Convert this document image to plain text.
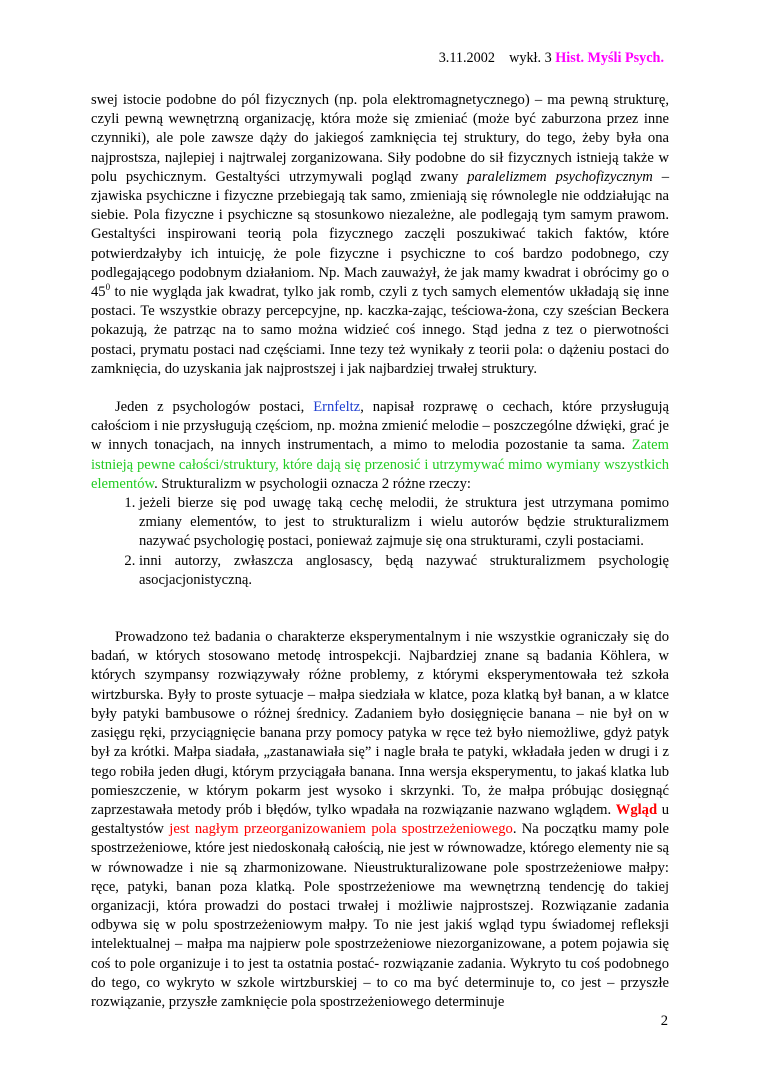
3.11.2002 wykł. 3 Hist. Myśli Psych.

swej istocie podobne do pól fizycznych (np. pola elektromagnetycznego) – ma pewną strukturę, czyli pewną wewnętrzną organizację, która może się zmieniać (może być zaburzona przez inne czynniki), ale pole zawsze dąży do jakiegoś zamknięcia tej struktury, do tego, żeby była ona najprostsza, najlepiej i najtrwalej zorganizowana. Siły podobne do sił fizycznych istnieją także w polu psychicznym. Gestaltyści utrzymywali pogląd zwany paralelizmem psychofizycznym – zjawiska psychiczne i fizyczne przebiegają tak samo, zmieniają się równolegle nie oddziałując na siebie. Pola fizyczne i psychiczne są stosunkowo niezależne, ale podlegają tym samym prawom. Gestaltyści inspirowani teorią pola fizycznego zaczęli poszukiwać takich faktów, które potwierdzałyby ich intuicję, że pole fizyczne i psychiczne to coś bardzo podobnego, czy podlegającego podobnym działaniom. Np. Mach zauważył, że jak mamy kwadrat i obrócimy go o $45^0$ to nie wygląda jak kwadrat, tylko jak romb, czyli z tych samych elementów układają się inne postaci. Te wszystkie obrazy percepcyjne, np. kaczka-zając, teściowa-żona, czy sześcian Beckera pokazują, że patrząc na to samo można widzieć coś innego. Stąd jedna z tez o pierwotności postaci, prymatu postaci nad częściami. Inne tezy też wynikały z teorii pola: o dążeniu postaci do zamknięcia, do uzyskania jak najprostszej i jak najbardziej trwałej struktury.

Jeden z psychologów postaci, Ernfeltz, napisał rozprawę o cechach, które przysługują całościom i nie przysługują częściom, np. można zmienić melodie – poszczególne dźwięki, grać je w innych tonacjach, na innych instrumentach, a mimo to melodia pozostanie ta sama. Zatem istnieją pewne całości/struktury, które dają się przenosić i utrzymywać mimo wymiany wszystkich elementów. Strukturalizm w psychologii oznacza 2 różne rzeczy:

1. jeżeli bierze się pod uwagę taką cechę melodii, że struktura jest utrzymana pomimo zmiany elementów, to jest to strukturalizm i wielu autorów będzie strukturalizmem nazywać psychologię postaci, ponieważ zajmuje się ona strukturami, czyli postaciami.
2. inni autorzy, zwłaszcza anglosascy, będą nazywać strukturalizmem psychologię asocjacjonistyczną.

Prowadzono też badania o charakterze eksperymentalnym i nie wszystkie ograniczały się do badań, w których stosowano metodę introspekcji. Najbardziej znane są badania Köhlera, w których szympansy rozwiązywały różne problemy, z którymi eksperymentowała też szkoła wirtzburska. Były to proste sytuacje – małpa siedziała w klatce, poza klatką był banan, a w klatce były patyki bambusowe o różnej średnicy. Zadaniem było dosięgnięcie banana – nie był on w zasięgu ręki, przyciągnięcie banana przy pomocy patyka w ręce też było niemożliwe, gdyż patyk był za krótki. Małpa siadała, „zastanawiała się” i nagle brała te patyki, wkładała jeden w drugi i z tego robiła jeden długi, którym przyciągała banana. Inna wersja eksperymentu, to jakaś klatka lub pomieszczenie, w którym pokarm jest wysoko i skrzynki. To, że małpa próbując dosięgnąć zaprzestawała metody prób i błędów, tylko wpadała na rozwiązanie nazwano wglądem. Wgląd u gestaltystów jest nagłym przeorganizowaniem pola spostrzeżeniowego. Na początku mamy pole spostrzeżeniowe, które jest niedoskonałą całością, nie jest w równowadze, którego elementy nie są w równowadze i nie są zharmonizowane. Nieustrukturalizowane pole spostrzeżeniowe małpy: ręce, patyki, banan poza klatką. Pole spostrzeżeniowe ma wewnętrzną tendencję do takiej organizacji, która prowadzi do postaci trwałej i możliwie najprostszej. Rozwiązanie zadania odbywa się w polu spostrzeżeniowym małpy. To nie jest jakiś wgląd typu świadomej refleksji intelektualnej – małpa ma najpierw pole spostrzeżeniowe niezorganizowane, a potem pojawia się coś to pole organizuje i to jest ta ostatnia postać- rozwiązanie zadania. Wykryto tu coś podobnego do tego, co wykryto w szkole wirtzburskiej – to co ma być determinuje to, co jest – przyszłe rozwiązanie, przyszłe zamknięcie pola spostrzeżeniowego determinuje

2
